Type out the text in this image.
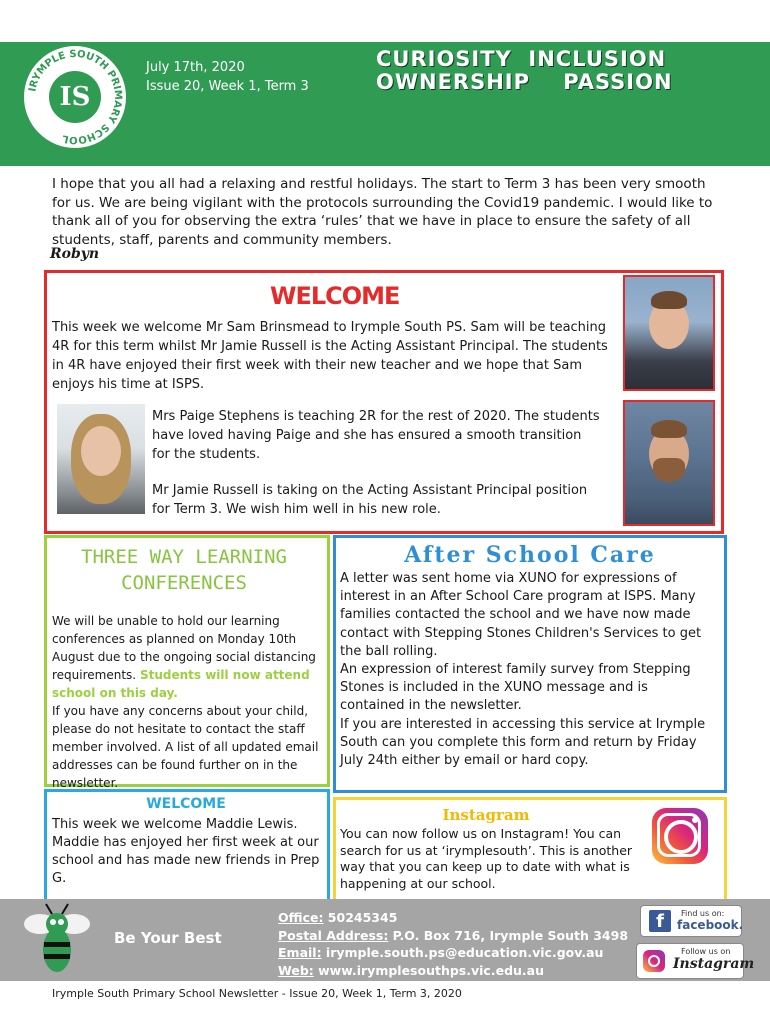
IRYMPLE SOUTH PRIMARY SCHOOL
IS
July 17th, 2020
Issue 20, Week 1, Term 3
CURIOSITY  INCLUSION
OWNERSHIP    PASSION
I hope that you all had a relaxing and restful holidays. The start to Term 3 has been very smooth for us. We are being vigilant with the protocols surrounding the Covid19 pandemic. I would like to thank all of you for observing the extra ‘rules’ that we have in place to ensure the safety of all students, staff, parents and community members.
Robyn
WELCOME
This week we welcome Mr Sam Brinsmead to Irymple South PS. Sam will be teaching 4R for this term whilst Mr Jamie Russell is the Acting Assistant Principal. The students in 4R have enjoyed their first week with their new teacher and we hope that Sam enjoys his time at ISPS.
Mrs Paige Stephens is teaching 2R for the rest of 2020. The students have loved having Paige and she has ensured a smooth transition for the students.
Mr Jamie Russell is taking on the Acting Assistant Principal position for Term 3. We wish him well in his new role.
THREE WAY LEARNING
CONFERENCES
We will be unable to hold our learning conferences as planned on Monday 10th August due to the ongoing social distancing requirements. Students will now attend school on this day.
If you have any concerns about your child, please do not hesitate to contact the staff member involved. A list of all updated email addresses can be found further on in the newsletter.
After School Care
A letter was sent home via XUNO for expressions of interest in an After School Care program at ISPS. Many families contacted the school and we have now made contact with Stepping Stones Children's Services to get the ball rolling.
An expression of interest family survey from Stepping Stones is included in the XUNO message and is contained in the newsletter.
If you are interested in accessing this service at Irymple South can you complete this form and return by Friday July 24th either by email or hard copy.
WELCOME
This week we welcome Maddie Lewis. Maddie has enjoyed her first week at our school and has made new friends in Prep G.
Instagram
You can now follow us on Instagram! You can search for us at ‘irymplesouth’. This is another way that you can keep up to date with what is happening at our school.
Be Your Best
Office: 50245345
Postal Address: P.O. Box 716, Irymple South 3498
Email: irymple.south.ps@education.vic.gov.au
Web: www.irymplesouthps.vic.edu.au
f	Find us on:
facebook.
Follow us on
Instagram
Irymple South Primary School Newsletter - Issue 20, Week 1, Term 3, 2020
